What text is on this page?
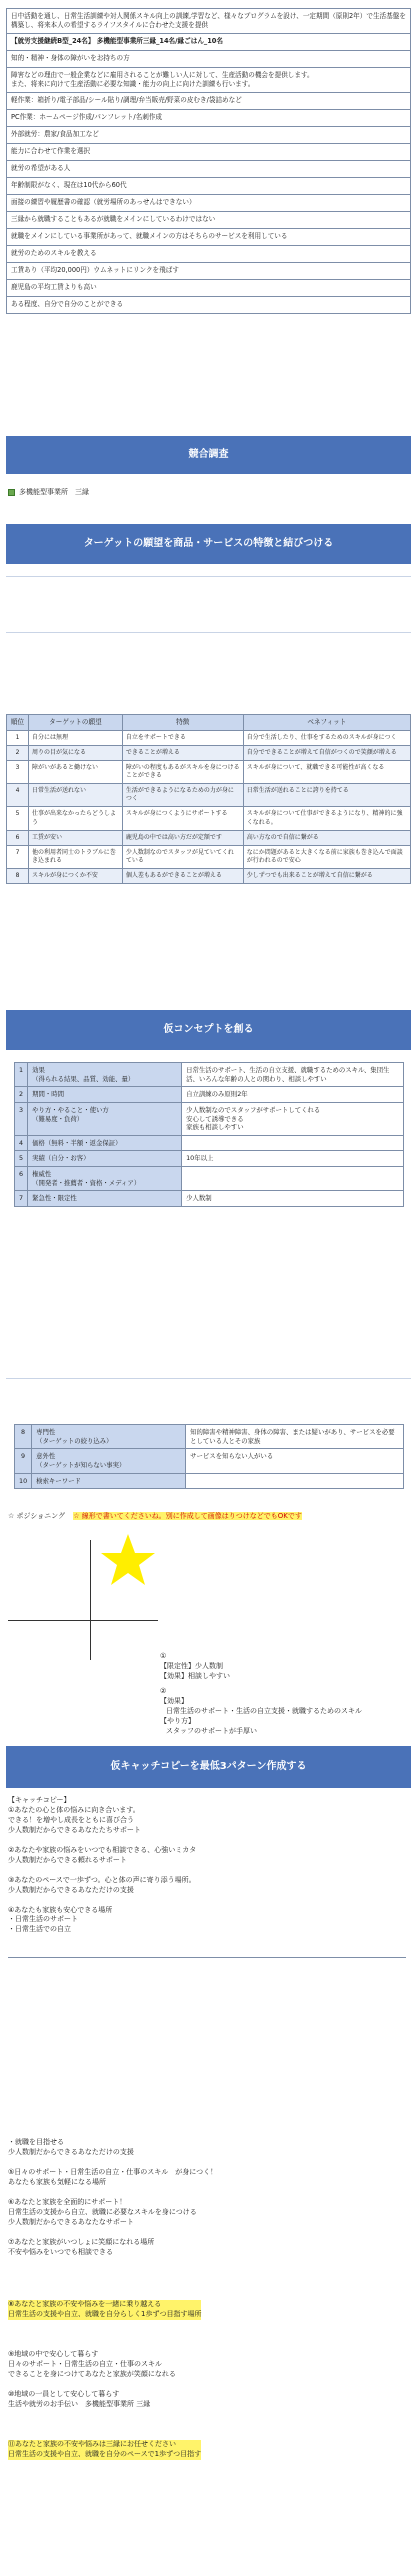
日中活動を通し、日常生活訓練や対人関係スキル向上の訓練,学習など、様々なプログラムを設け、一定期間（原則2年）で生活基盤を構築し、将来本人の希望するライフスタイルに合わせた支援を提供
【就労支援継続B型_24名】 多機能型事業所三縁_14名/縁ごはん_10名
知的・精神・身体の障がいをお持ちの方
障害などの理由で一般企業などに雇用されることが難しい人に対して、生産活動の機会を提供します。
また、将来に向けて生産活動に必要な知識・能力の向上に向けた訓練も行います。
軽作業：箱折り/電子部品/シール貼り/調理/弁当販売/野菜の皮むき/袋詰めなど
PC作業：ホームページ作成/パンフレット/名刺作成
外部就労：農家/食品加工など
能力に合わせて作業を選択
就労の希望がある人
年齢制限がなく、現在は10代から60代
面接の練習や履歴書の確認（就労場所のあっせんはできない）
三縁から就職することもあるが就職をメインにしているわけではない
就職をメインにしている事業所があって、就職メインの方はそちらのサービスを利用している
就労のためのスキルを教える
工賃あり（平均20,000円）ウムネットにリンクを飛ばす
鹿児島の平均工賃よりも高い
ある程度、自分で自分のことができる
競合調査
多機能型事業所　三縁
ターゲットの願望を商品・サービスの特徴と結びつける
順位	ターゲットの願望	特徴	ベネフィット
1	自分には無理	自立をサポートできる	自分で生活したり、仕事をするためのスキルが身につく
2	周りの目が気になる	できることが増える	自分でできることが増えて自信がつくので笑顔が増える
3	障がいがあると働けない	障がいの程度もあるがスキルを身につけることができる	スキルが身について、就職できる可能性が高くなる
4	日常生活が送れない	生活ができるようになるための力が身につく	日常生活が送れることに誇りを持てる
5	仕事が出来なかったらどうしよう	スキルが身につくようにサポートする	スキルが身について仕事ができるようになり、精神的に強くなれる。
6	工賃が安い	鹿児島の中では高い方だが定額です	高い方なので自信に繋がる
7	他の利用者同士のトラブルに巻き込まれる	少人数制なのでスタッフが見ていてくれている	なにか問題があると大きくなる前に家族も巻き込んで面談が行われるので安心
8	スキルが身につくか不安	個人差もあるができることが増える	少しずつでも出来ることが増えて自信に繋がる
仮コンセプトを創る
1	効果
（得られる結果、品質、効能、量）	日常生活のサポート、生活の自立支援、就職するためのスキル、集団生活、いろんな年齢の人との関わり、相談しやすい
2	期間・時間	自立訓練のみ原則2年
3	やり方・やること・使い方
（難易度・負荷）	少人数制なのでスタッフがサポートしてくれる
安心して誘導できる
家族も相談しやすい
4	価格（無料・半額・返金保証）	
5	実績（自分・お客）	10年以上
6	権威性
（開発者・推薦者・資格・メディア）	
7	緊急性・限定性	少人数制
8	専門性
（ターゲットの絞り込み）	知的障害や精神障害、身体の障害、または疑いがあり、サービスを必要としている人とその家族
9	意外性
（ターゲットが知らない事実）	サービスを知らない人がいる
10	検索キーワード	
☆ ポジショニング ☆ 線形で書いてくださいね。別に作成して画像はりつけなどでもOKです
①
【限定性】少人数制
【効果】相談しやすい
②
【効果】
日常生活のサポート・生活の自立支援・就職するためのスキル
【やり方】
スタッフのサポートが手厚い
仮キャッチコピーを最低3パターン作成する
【キャッチコピー】
①あなたの心と体の悩みに向き合います。
できる！を増やし成長をともに喜び合う
少人数制だからできるあなたたちサポート
②あなたや家族の悩みをいつでも相談できる、心強いミカタ
少人数制だからできる頼れるサポート
③あなたのペースで一歩ずつ。心と体の声に寄り添う場所。
少人数制だからできるあなただけの支援
④あなたも家族も安心できる場所
・日常生活のサポート
・日常生活での自立
・就職を目指せる
少人数制だからできるあなただけの支援
⑤日々のサポート・日常生活の自立・仕事のスキル　が身につく！
あなたも家族も気軽になる場所
⑥あなたと家族を全面的にサポート！
日常生活の支援から自立、就職に必要なスキルを身につける
少人数制だからできるあなたなサポート
⑦あなたと家族がいつしょに笑顔になれる場所
不安や悩みをいつでも相談できる
⑧あなたと家族の不安や悩みを一緒に乗り越える
日常生活の支援や自立、就職を自分らしく1歩ずつ目指す場所
⑨地域の中で安心して暮らす
日々のサポート・日常生活の自立・仕事のスキル
できることを身につけてあなたと家族が笑顔になれる
⑩地域の一員として安心して暮らす
生活や就労のお手伝い　多機能型事業所 三縁
⑪あなたと家族の不安や悩みは三縁にお任せください
日常生活の支援や自立、就職を自分のペースで1歩ずつ目指す
